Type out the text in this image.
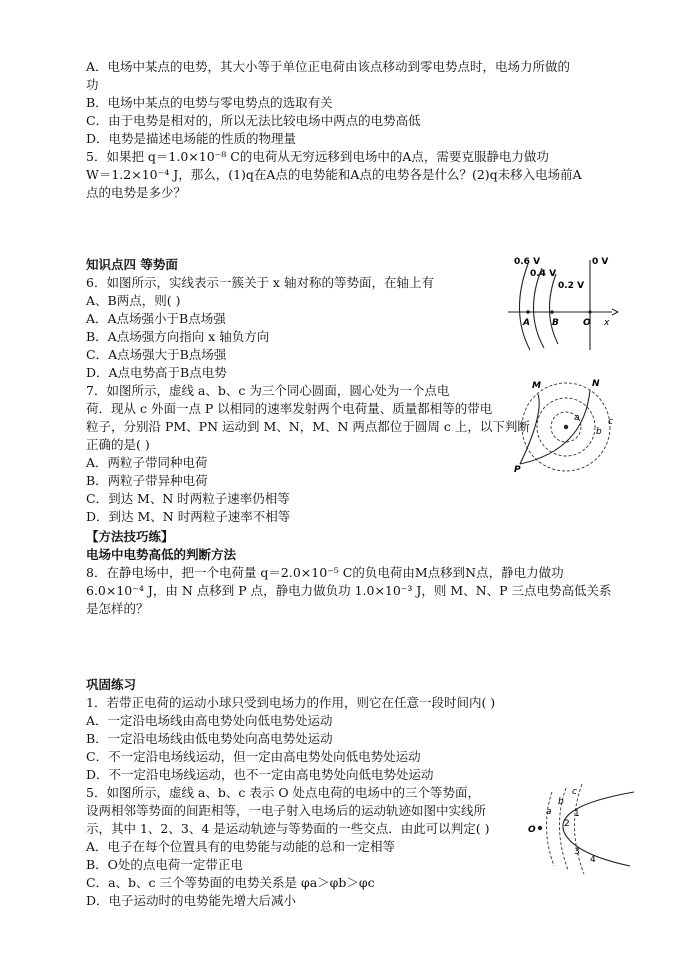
A．电场中某点的电势，其大小等于单位正电荷由该点移动到零电势点时，电场力所做的
功
B．电场中某点的电势与零电势点的选取有关
C．由于电势是相对的，所以无法比较电场中两点的电势高低
D．电势是描述电场能的性质的物理量
5．如果把 q＝1.0×10⁻⁸ C的电荷从无穷远移到电场中的A点，需要克服静电力做功
W＝1.2×10⁻⁴ J，那么，(1)q在A点的电势能和A点的电势各是什么？(2)q未移入电场前A
点的电势是多少？
知识点四 等势面
6．如图所示，实线表示一簇关于 x 轴对称的等势面，在轴上有
A、B两点，则( )
A．A点场强小于B点场强
B．A点场强方向指向 x 轴负方向
C．A点场强大于B点场强
D．A点电势高于B点电势
0.6 V
0.4 V
0.2 V
0 V
A B	O x
7．如图所示，虚线 a、b、c 为三个同心圆面，圆心处为一个点电
荷．现从 c 外面一点 P 以相同的速率发射两个电荷量、质量都相等的带电
粒子，分别沿 PM、PN 运动到 M、N，M、N 两点都位于圆周 c 上，以下判断
正确的是( )
A．两粒子带同种电荷
B．两粒子带异种电荷
C．到达 M、N 时两粒子速率仍相等
D．到达 M、N 时两粒子速率不相等
M	N
a
b
c
P
【方法技巧练】
电场中电势高低的判断方法
8．在静电场中，把一个电荷量 q＝2.0×10⁻⁵ C的负电荷由M点移到N点，静电力做功
6.0×10⁻⁴ J，由 N 点移到 P 点，静电力做负功 1.0×10⁻³ J，则 M、N、P 三点电势高低关系
是怎样的？
巩固练习
1．若带正电荷的运动小球只受到电场力的作用，则它在任意一段时间内( )
A．一定沿电场线由高电势处向低电势处运动
B．一定沿电场线由低电势处向高电势处运动
C．不一定沿电场线运动，但一定由高电势处向低电势处运动
D．不一定沿电场线运动，也不一定由高电势处向低电势处运动
5．如图所示，虚线 a、b、c 表示 O 处点电荷的电场中的三个等势面，
设两相邻等势面的间距相等，一电子射入电场后的运动轨迹如图中实线所
示，其中 1、2、3、4 是运动轨迹与等势面的一些交点．由此可以判定( )
A．电子在每个位置具有的电势能与动能的总和一定相等
B．O处的点电荷一定带正电
C．a、b、c 三个等势面的电势关系是 φa＞φb＞φc
D．电子运动时的电势能先增大后减小
a
b
c
1
2
3
4
O
